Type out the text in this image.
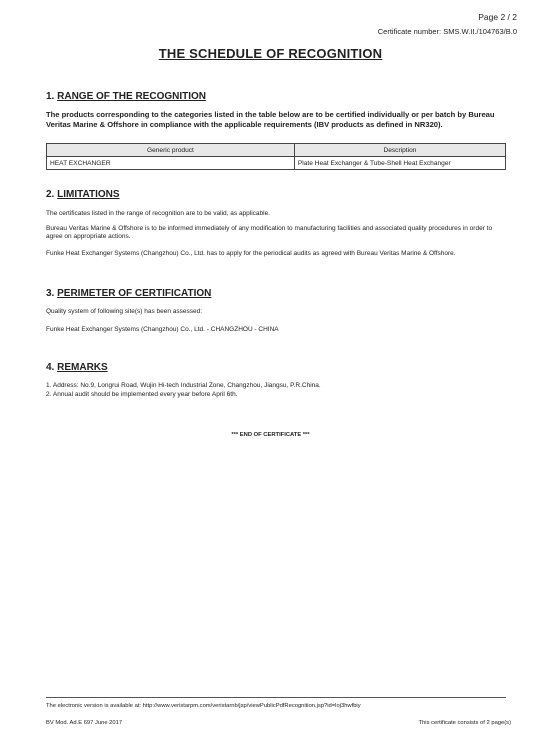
Page 2 / 2
Certificate number: SMS.W.II./104763/B.0
THE SCHEDULE OF RECOGNITION
1. RANGE OF THE RECOGNITION
The products corresponding to the categories listed in the table below are to be certified individually or per batch by Bureau Veritas Marine & Offshore in compliance with the applicable requirements (IBV products as defined in NR320).
Generic product	Description
HEAT EXCHANGER	Plate Heat Exchanger & Tube-Shell Heat Exchanger
2. LIMITATIONS
The certificates listed in the range of recognition are to be valid, as applicable.
Bureau Veritas Marine & Offshore is to be informed immediately of any modification to manufacturing facilities and associated quality procedures in order to agree on appropriate actions.
Funke Heat Exchanger Systems (Changzhou) Co., Ltd. has to apply for the periodical audits as agreed with Bureau Veritas Marine & Offshore.
3. PERIMETER OF CERTIFICATION
Quality system of following site(s) has been assessed:
Funke Heat Exchanger Systems (Changzhou) Co., Ltd. - CHANGZHOU - CHINA
4. REMARKS
1. Address: No.9, Longrui Road, Wujin Hi-tech Industrial Zone, Changzhou, Jiangsu, P.R.China.
2. Annual audit should be implemented every year before April 6th.
*** END OF CERTIFICATE ***
The electronic version is available at: http://www.veristarpm.com/veristarnb/jsp/viewPublicPdfRecognition.jsp?id=loj3hwfbiy
BV Mod. Ad.E 697 June 2017	This certificate consists of 2 page(s)
